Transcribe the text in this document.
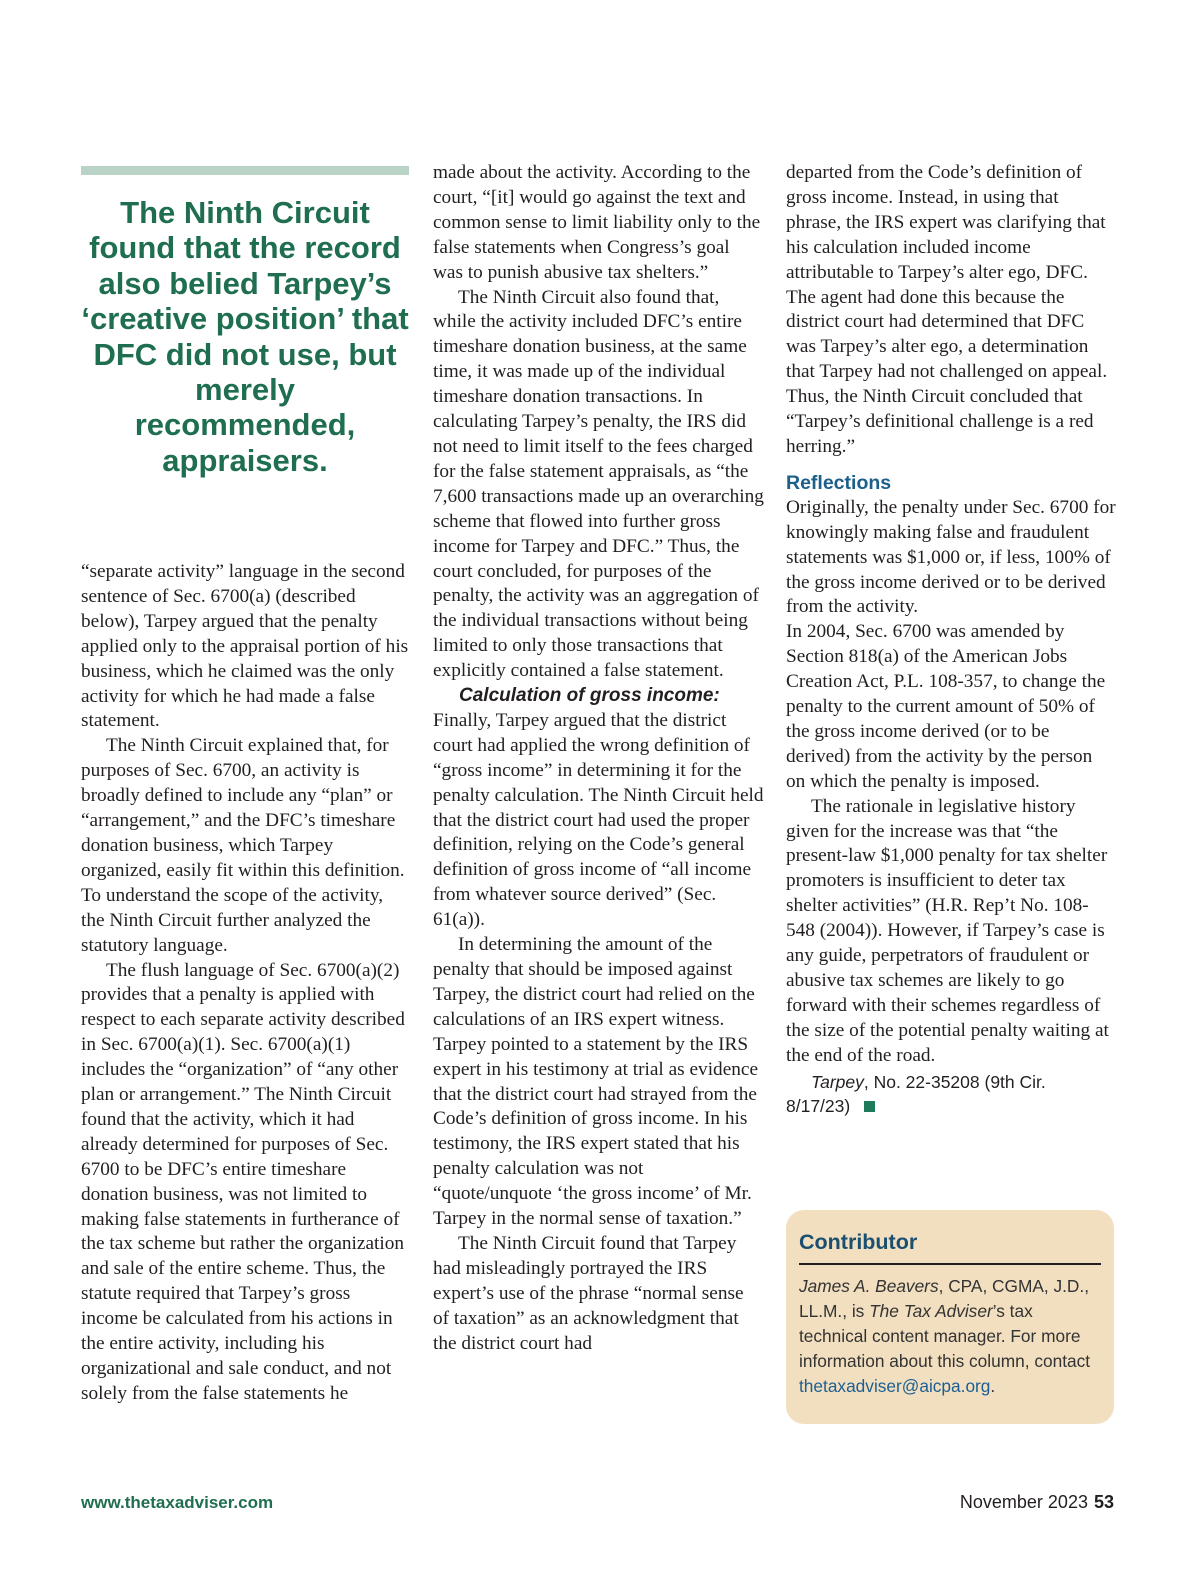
The Ninth Circuit found that the record also belied Tarpey’s ‘creative position’ that DFC did not use, but merely recommended, appraisers.

“separate activity” language in the second sentence of Sec. 6700(a) (described below), Tarpey argued that the penalty applied only to the appraisal portion of his business, which he claimed was the only activity for which he had made a false statement.

The Ninth Circuit explained that, for purposes of Sec. 6700, an activity is broadly defined to include any “plan” or “arrangement,” and the DFC’s timeshare donation business, which Tarpey organized, easily fit within this definition. To understand the scope of the activity, the Ninth Circuit further analyzed the statutory language.

The flush language of Sec. 6700(a)(2) provides that a penalty is applied with respect to each separate activity described in Sec. 6700(a)(1). Sec. 6700(a)(1) includes the “organization” of “any other plan or arrangement.” The Ninth Circuit found that the activity, which it had already determined for purposes of Sec. 6700 to be DFC’s entire timeshare donation business, was not limited to making false statements in furtherance of the tax scheme but rather the organization and sale of the entire scheme. Thus, the statute required that Tarpey’s gross income be calculated from his actions in the entire activity, including his organizational and sale conduct, and not solely from the false statements he

made about the activity. According to the court, “[it] would go against the text and common sense to limit liability only to the false statements when Congress’s goal was to punish abusive tax shelters.”

The Ninth Circuit also found that, while the activity included DFC’s entire timeshare donation business, at the same time, it was made up of the individual timeshare donation transactions. In calculating Tarpey’s penalty, the IRS did not need to limit itself to the fees charged for the false statement appraisals, as “the 7,600 transactions made up an overarching scheme that flowed into further gross income for Tarpey and DFC.” Thus, the court concluded, for purposes of the penalty, the activity was an aggregation of the individual transactions without being limited to only those transactions that explicitly contained a false statement.

Calculation of gross income:

Finally, Tarpey argued that the district court had applied the wrong definition of “gross income” in determining it for the penalty calculation. The Ninth Circuit held that the district court had used the proper definition, relying on the Code’s general definition of gross income of “all income from whatever source derived” (Sec. 61(a)).

In determining the amount of the penalty that should be imposed against Tarpey, the district court had relied on the calculations of an IRS expert witness. Tarpey pointed to a statement by the IRS expert in his testimony at trial as evidence that the district court had strayed from the Code’s definition of gross income. In his testimony, the IRS expert stated that his penalty calculation was not “quote/unquote ‘the gross income’ of Mr. Tarpey in the normal sense of taxation.”

The Ninth Circuit found that Tarpey had misleadingly portrayed the IRS expert’s use of the phrase “normal sense of taxation” as an acknowledgment that the district court had

departed from the Code’s definition of gross income. Instead, in using that phrase, the IRS expert was clarifying that his calculation included income attributable to Tarpey’s alter ego, DFC. The agent had done this because the district court had determined that DFC was Tarpey’s alter ego, a determination that Tarpey had not challenged on appeal. Thus, the Ninth Circuit concluded that “Tarpey’s definitional challenge is a red herring.”

Reflections

Originally, the penalty under Sec. 6700 for knowingly making false and fraudulent statements was $1,000 or, if less, 100% of the gross income derived or to be derived from the activity.

In 2004, Sec. 6700 was amended by Section 818(a) of the American Jobs Creation Act, P.L. 108-357, to change the penalty to the current amount of 50% of the gross income derived (or to be derived) from the activity by the person on which the penalty is imposed.

The rationale in legislative history given for the increase was that “the present-law $1,000 penalty for tax shelter promoters is insufficient to deter tax shelter activities” (H.R. Rep’t No. 108-548 (2004)). However, if Tarpey’s case is any guide, perpetrators of fraudulent or abusive tax schemes are likely to go forward with their schemes regardless of the size of the potential penalty waiting at the end of the road.

Tarpey, No. 22-35208 (9th Cir.

8/17/23)

Contributor
James A. Beavers, CPA, CGMA, J.D., LL.M., is The Tax Adviser’s tax technical content manager. For more information about this column, contact thetaxadviser@aicpa.org.
www.thetaxadviser.com	November 2023 53
